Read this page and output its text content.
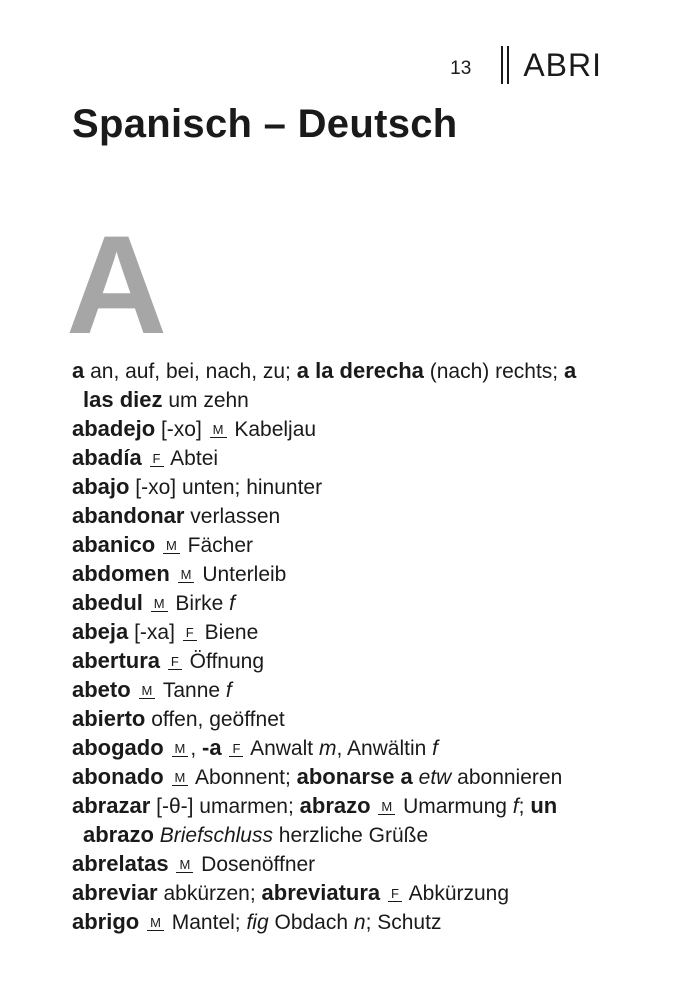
13 ABRI
Spanisch – Deutsch
A
a an, auf, bei, nach, zu; a la derecha (nach) rechts; a las diez um zehn
abadejo [-xo] M Kabeljau
abadía F Abtei
abajo [-xo] unten; hinunter
abandonar verlassen
abanico M Fächer
abdomen M Unterleib
abedul M Birke f
abeja [-xa] F Biene
abertura F Öffnung
abeto M Tanne f
abierto offen, geöffnet
abogado M , -a F Anwalt m, Anwältin f
abonado M Abonnent; abonarse a etw abonnieren
abrazar [-θ-] umarmen; abrazo M Umarmung f; un abrazo Briefschluss herzliche Grüße
abrelatas M Dosenöffner
abreviar abkürzen; abreviatura F Abkürzung
abrigo M Mantel; fig Obdach n; Schutz
